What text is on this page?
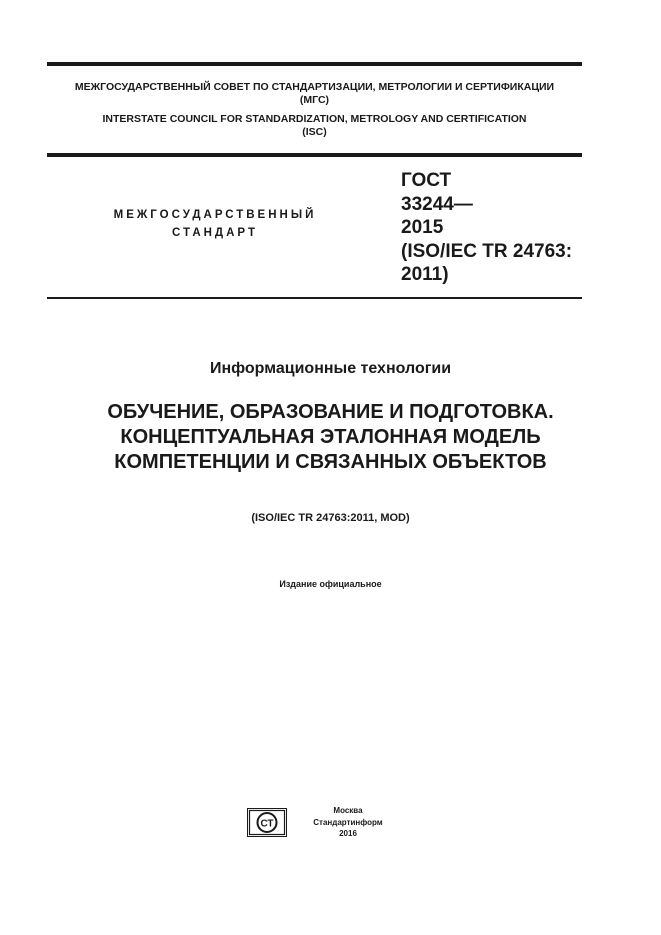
МЕЖГОСУДАРСТВЕННЫЙ СОВЕТ ПО СТАНДАРТИЗАЦИИ, МЕТРОЛОГИИ И СЕРТИФИКАЦИИ
(МГС)
INTERSTATE COUNCIL FOR STANDARDIZATION, METROLOGY AND CERTIFICATION
(ISC)
МЕЖГОСУДАРСТВЕННЫЙ
СТАНДАРТ
ГОСТ
33244—
2015
(ISO/IEC TR 24763:
2011)
Информационные технологии
ОБУЧЕНИЕ, ОБРАЗОВАНИЕ И ПОДГОТОВКА.
КОНЦЕПТУАЛЬНАЯ ЭТАЛОННАЯ МОДЕЛЬ
КОМПЕТЕНЦИИ И СВЯЗАННЫХ ОБЪЕКТОВ
(ISO/IEC TR 24763:2011, MOD)
Издание официальное
СТ
Москва
Стандартинформ
2016
